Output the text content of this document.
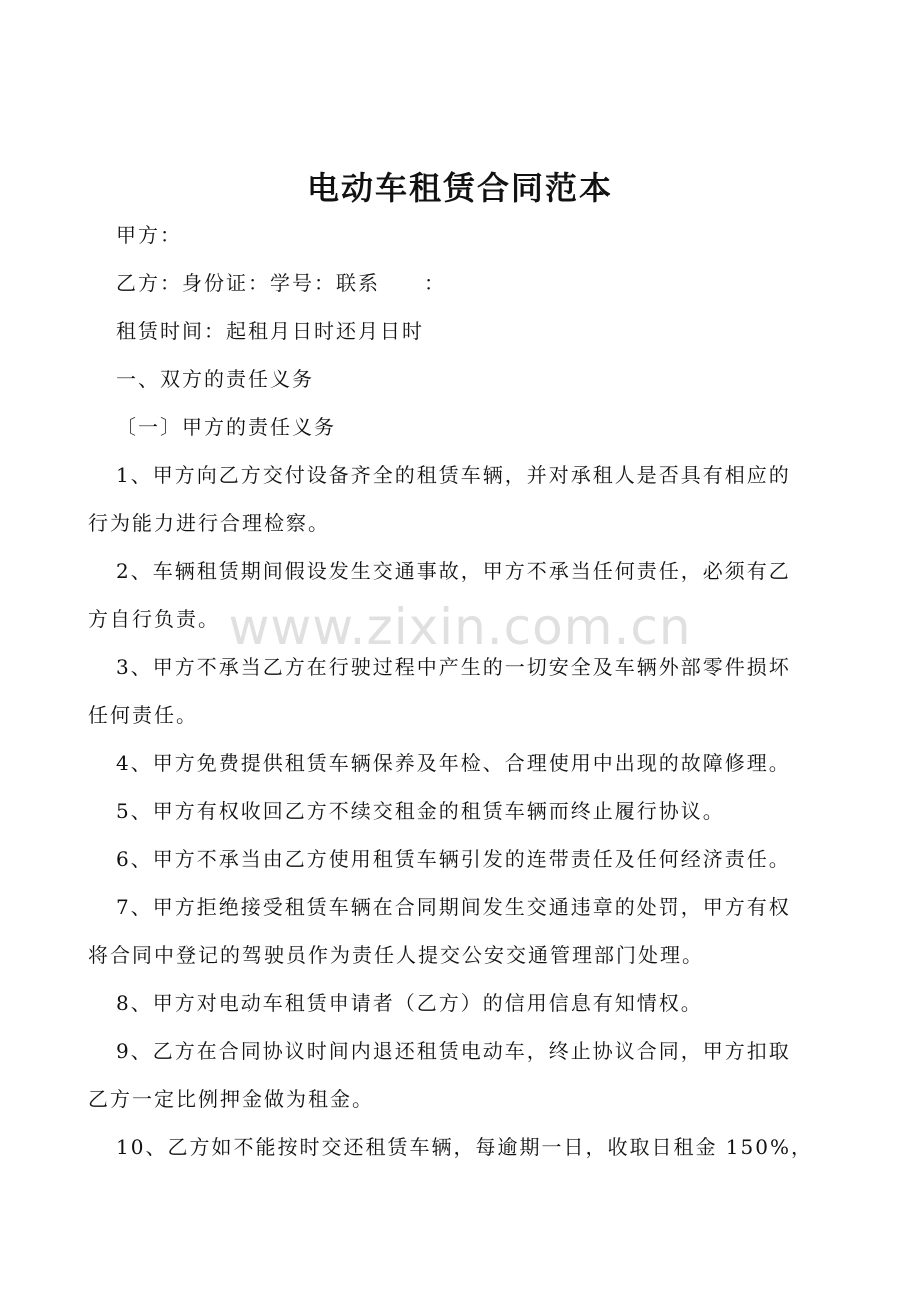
电动车租赁合同范本
www.zixin.com.cn
甲方：
乙方：身份证：学号：联系　　：
租赁时间：起租月日时还月日时
一、双方的责任义务
〔一〕甲方的责任义务
1、甲方向乙方交付设备齐全的租赁车辆，并对承租人是否具有相应的
行为能力进行合理检察。
2、车辆租赁期间假设发生交通事故，甲方不承当任何责任，必须有乙
方自行负责。
3、甲方不承当乙方在行驶过程中产生的一切安全及车辆外部零件损坏
任何责任。
4、甲方免费提供租赁车辆保养及年检、合理使用中出现的故障修理。
5、甲方有权收回乙方不续交租金的租赁车辆而终止履行协议。
6、甲方不承当由乙方使用租赁车辆引发的连带责任及任何经济责任。
7、甲方拒绝接受租赁车辆在合同期间发生交通违章的处罚，甲方有权
将合同中登记的驾驶员作为责任人提交公安交通管理部门处理。
8、甲方对电动车租赁申请者（乙方）的信用信息有知情权。
9、乙方在合同协议时间内退还租赁电动车，终止协议合同，甲方扣取
乙方一定比例押金做为租金。
10、乙方如不能按时交还租赁车辆，每逾期一日，收取日租金 150%，
